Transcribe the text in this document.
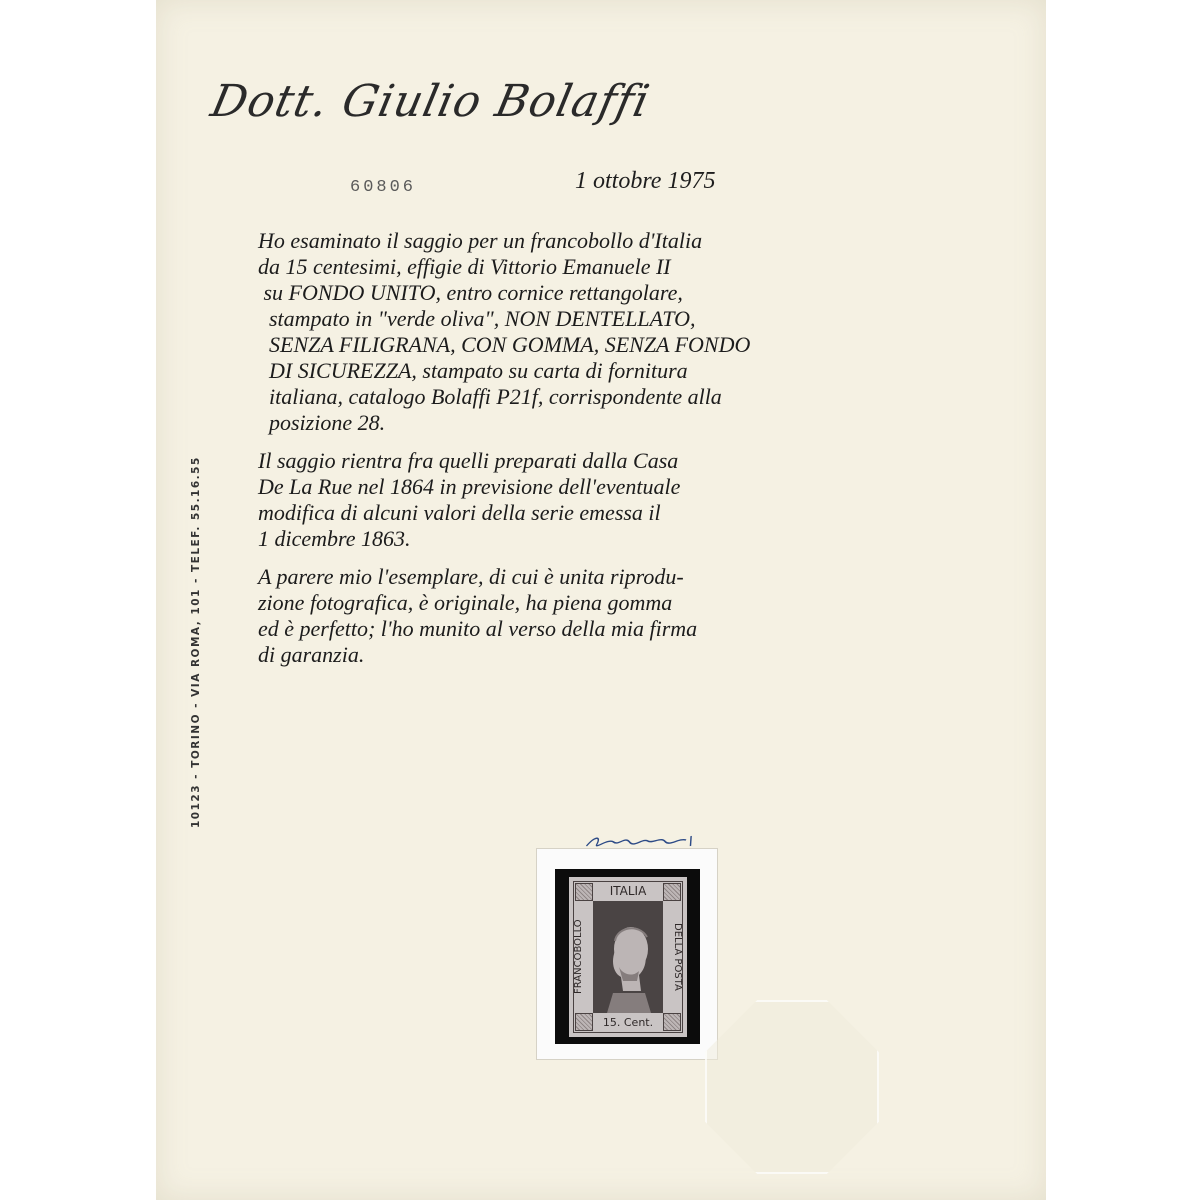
Dott. Giulio Bolaffi
60806	1 ottobre 1975
Ho esaminato il saggio per un francobollo d'Italia
da 15 centesimi, effigie di Vittorio Emanuele II
su FONDO UNITO, entro cornice rettangolare,
stampato in "verde oliva", NON DENTELLATO,
SENZA FILIGRANA, CON GOMMA, SENZA FONDO
DI SICUREZZA, stampato su carta di fornitura
italiana, catalogo Bolaffi P21f, corrispondente alla
posizione 28.
Il saggio rientra fra quelli preparati dalla Casa
De La Rue nel 1864 in previsione dell'eventuale
modifica di alcuni valori della serie emessa il
1 dicembre 1863.
A parere mio l'esemplare, di cui è unita riprodu-
zione fotografica, è originale, ha piena gomma
ed è perfetto; l'ho munito al verso della mia firma
di garanzia.
10123 - TORINO - VIA ROMA, 101 - TELEF. 55.16.55
ITALIA
FRANCOBOLLO	DELLA POSTA
15. Cent.
